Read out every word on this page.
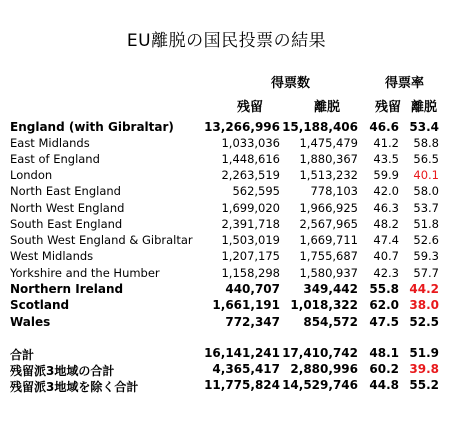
EU離脱の国民投票の結果
得票数	得票率
残留	離脱	残留 離脱
England (with Gibraltar)	13,266,996 15,188,406 46.6 53.4
East Midlands	1,033,036 1,475,479 41.2 58.8
East of England	1,448,616 1,880,367 43.5 56.5
London	2,263,519 1,513,232 59.9 40.1
North East England	562,595	778,103 42.0 58.0
North West England	1,699,020 1,966,925 46.3 53.7
South East England	2,391,718 2,567,965 48.2 51.8
South West England & Gibraltar	1,503,019 1,669,711 47.4 52.6
West Midlands	1,207,175 1,755,687 40.7 59.3
Yorkshire and the Humber	1,158,298 1,580,937 42.3 57.7
Northern Ireland	440,707 349,442 55.8 44.2
Scotland	1,661,191 1,018,322 62.0 38.0
Wales	772,347 854,572 47.5 52.5
合計	16,141,241 17,410,742 48.1 51.9
残留派3地域の合計	4,365,417 2,880,996 60.2 39.8
残留派3地域を除く合計	11,775,824 14,529,746 44.8 55.2
